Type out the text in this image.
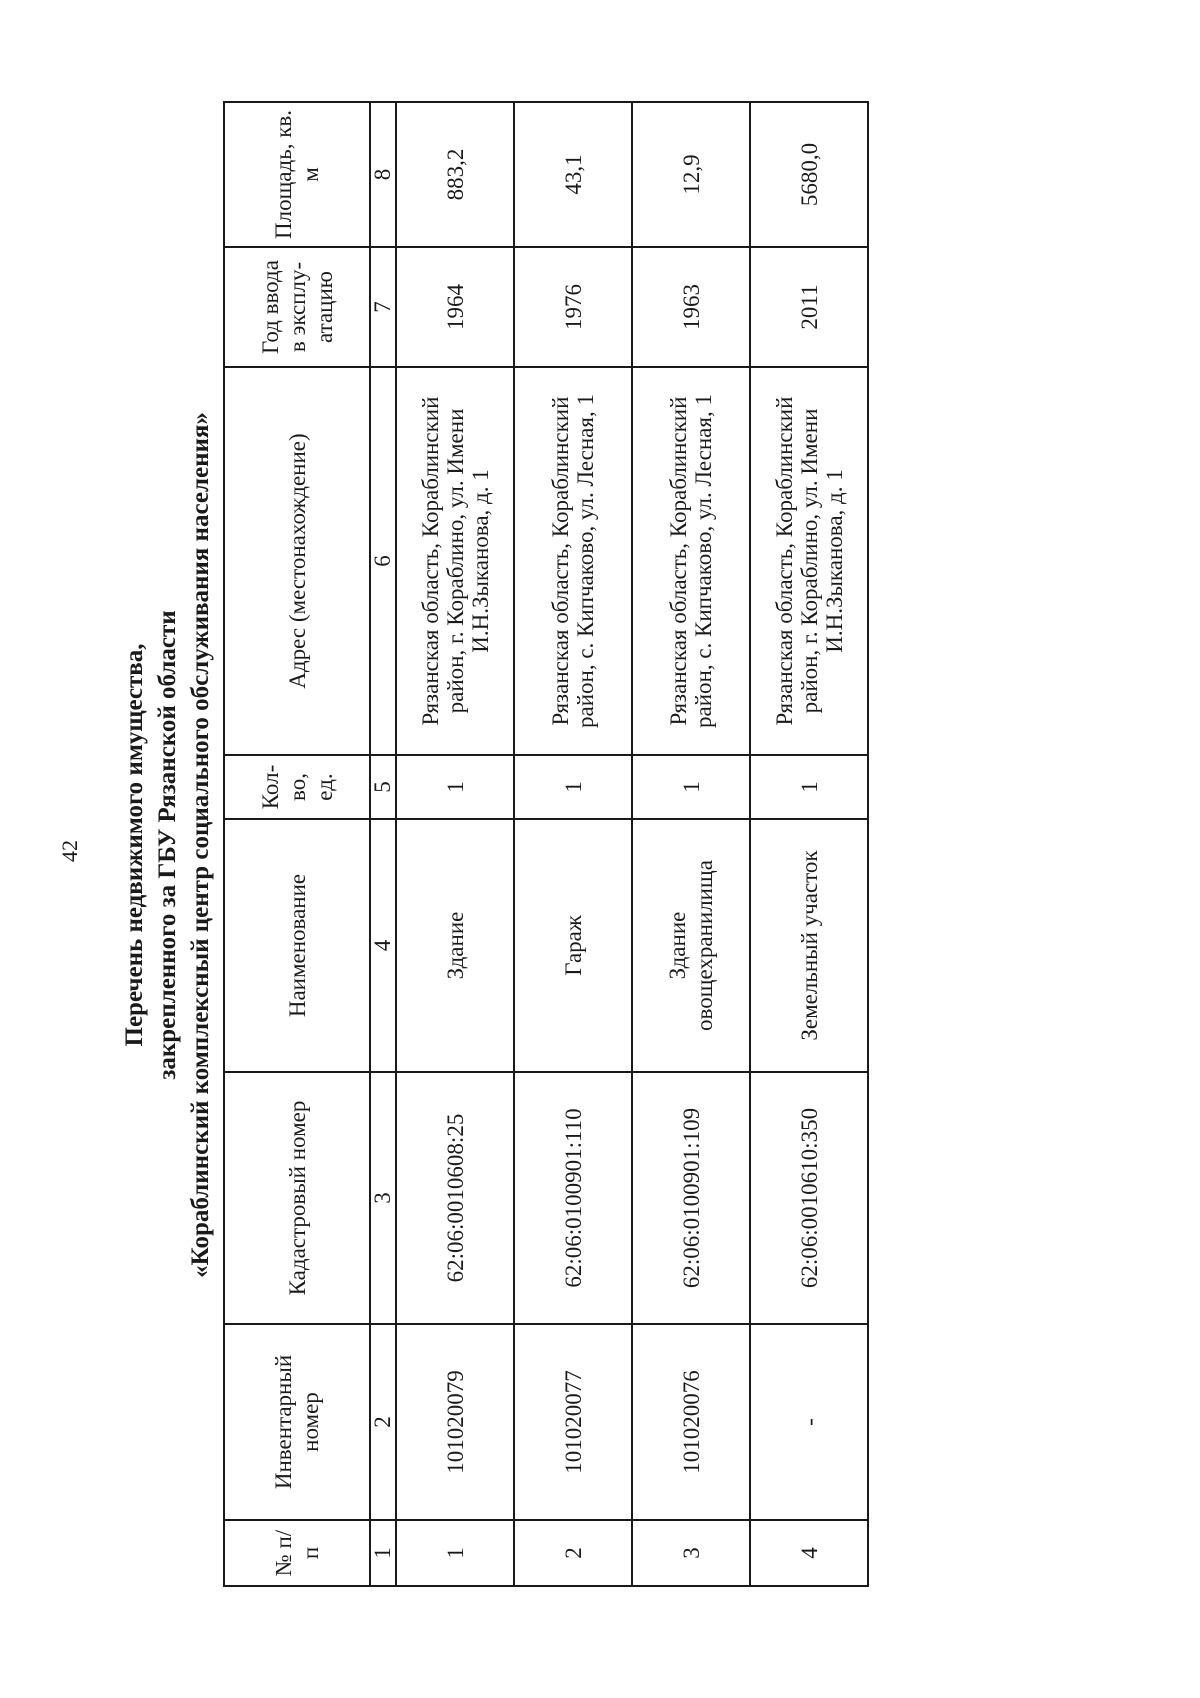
42 Перечень недвижимого имущества, закрепленного за ГБУ Рязанской области «Кораблинский комплексный центр социального обслуживания населения»
№ п/п	Инвентарный номер	Кадастровый номер	Наименование	Кол-во, ед.	Адрес (местонахождение)	Год ввода в эксплу-атацию	Площадь, кв. м
1	2	3	4	5	6	7	8
1	101020079	62:06:0010608:25	Здание	1	Рязанская область, Кораблинский район, г. Кораблино, ул. Имени И.Н.Зыканова, д. 1	1964	883,2
2	101020077	62:06:0100901:110	Гараж	1	Рязанская область, Кораблинский район, с. Кипчаково, ул. Лесная, 1	1976	43,1
3	101020076	62:06:0100901:109	Здание овощехранилища	1	Рязанская область, Кораблинский район, с. Кипчаково, ул. Лесная, 1	1963	12,9
4	-	62:06:0010610:350	Земельный участок	1	Рязанская область, Кораблинский район, г. Кораблино, ул. Имени И.Н.Зыканова, д. 1	2011	5680,0
